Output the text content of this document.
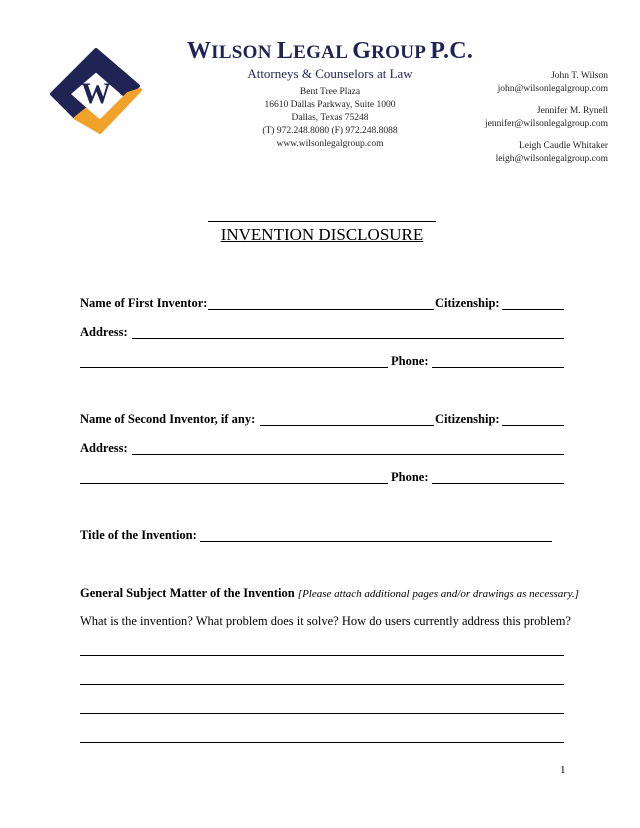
W
WILSON LEGAL GROUP P.C.
Attorneys & Counselors at Law
Bent Tree Plaza
16610 Dallas Parkway, Suite 1000
Dallas, Texas 75248
(T) 972.248.8080 (F) 972.248.8088
www.wilsonlegalgroup.com
John T. Wilson
john@wilsonlegalgroup.com
Jennifer M. Rynell
jennifer@wilsonlegalgroup.com
Leigh Caudle Whitaker
leigh@wilsonlegalgroup.com
INVENTION DISCLOSURE
Name of First Inventor:	Citizenship:
Address:
Phone:
Name of Second Inventor, if any:	Citizenship:
Address:
Phone:
Title of the Invention:
General Subject Matter of the Invention [Please attach additional pages and/or drawings as necessary.]
What is the invention? What problem does it solve? How do users currently address this problem?
1
